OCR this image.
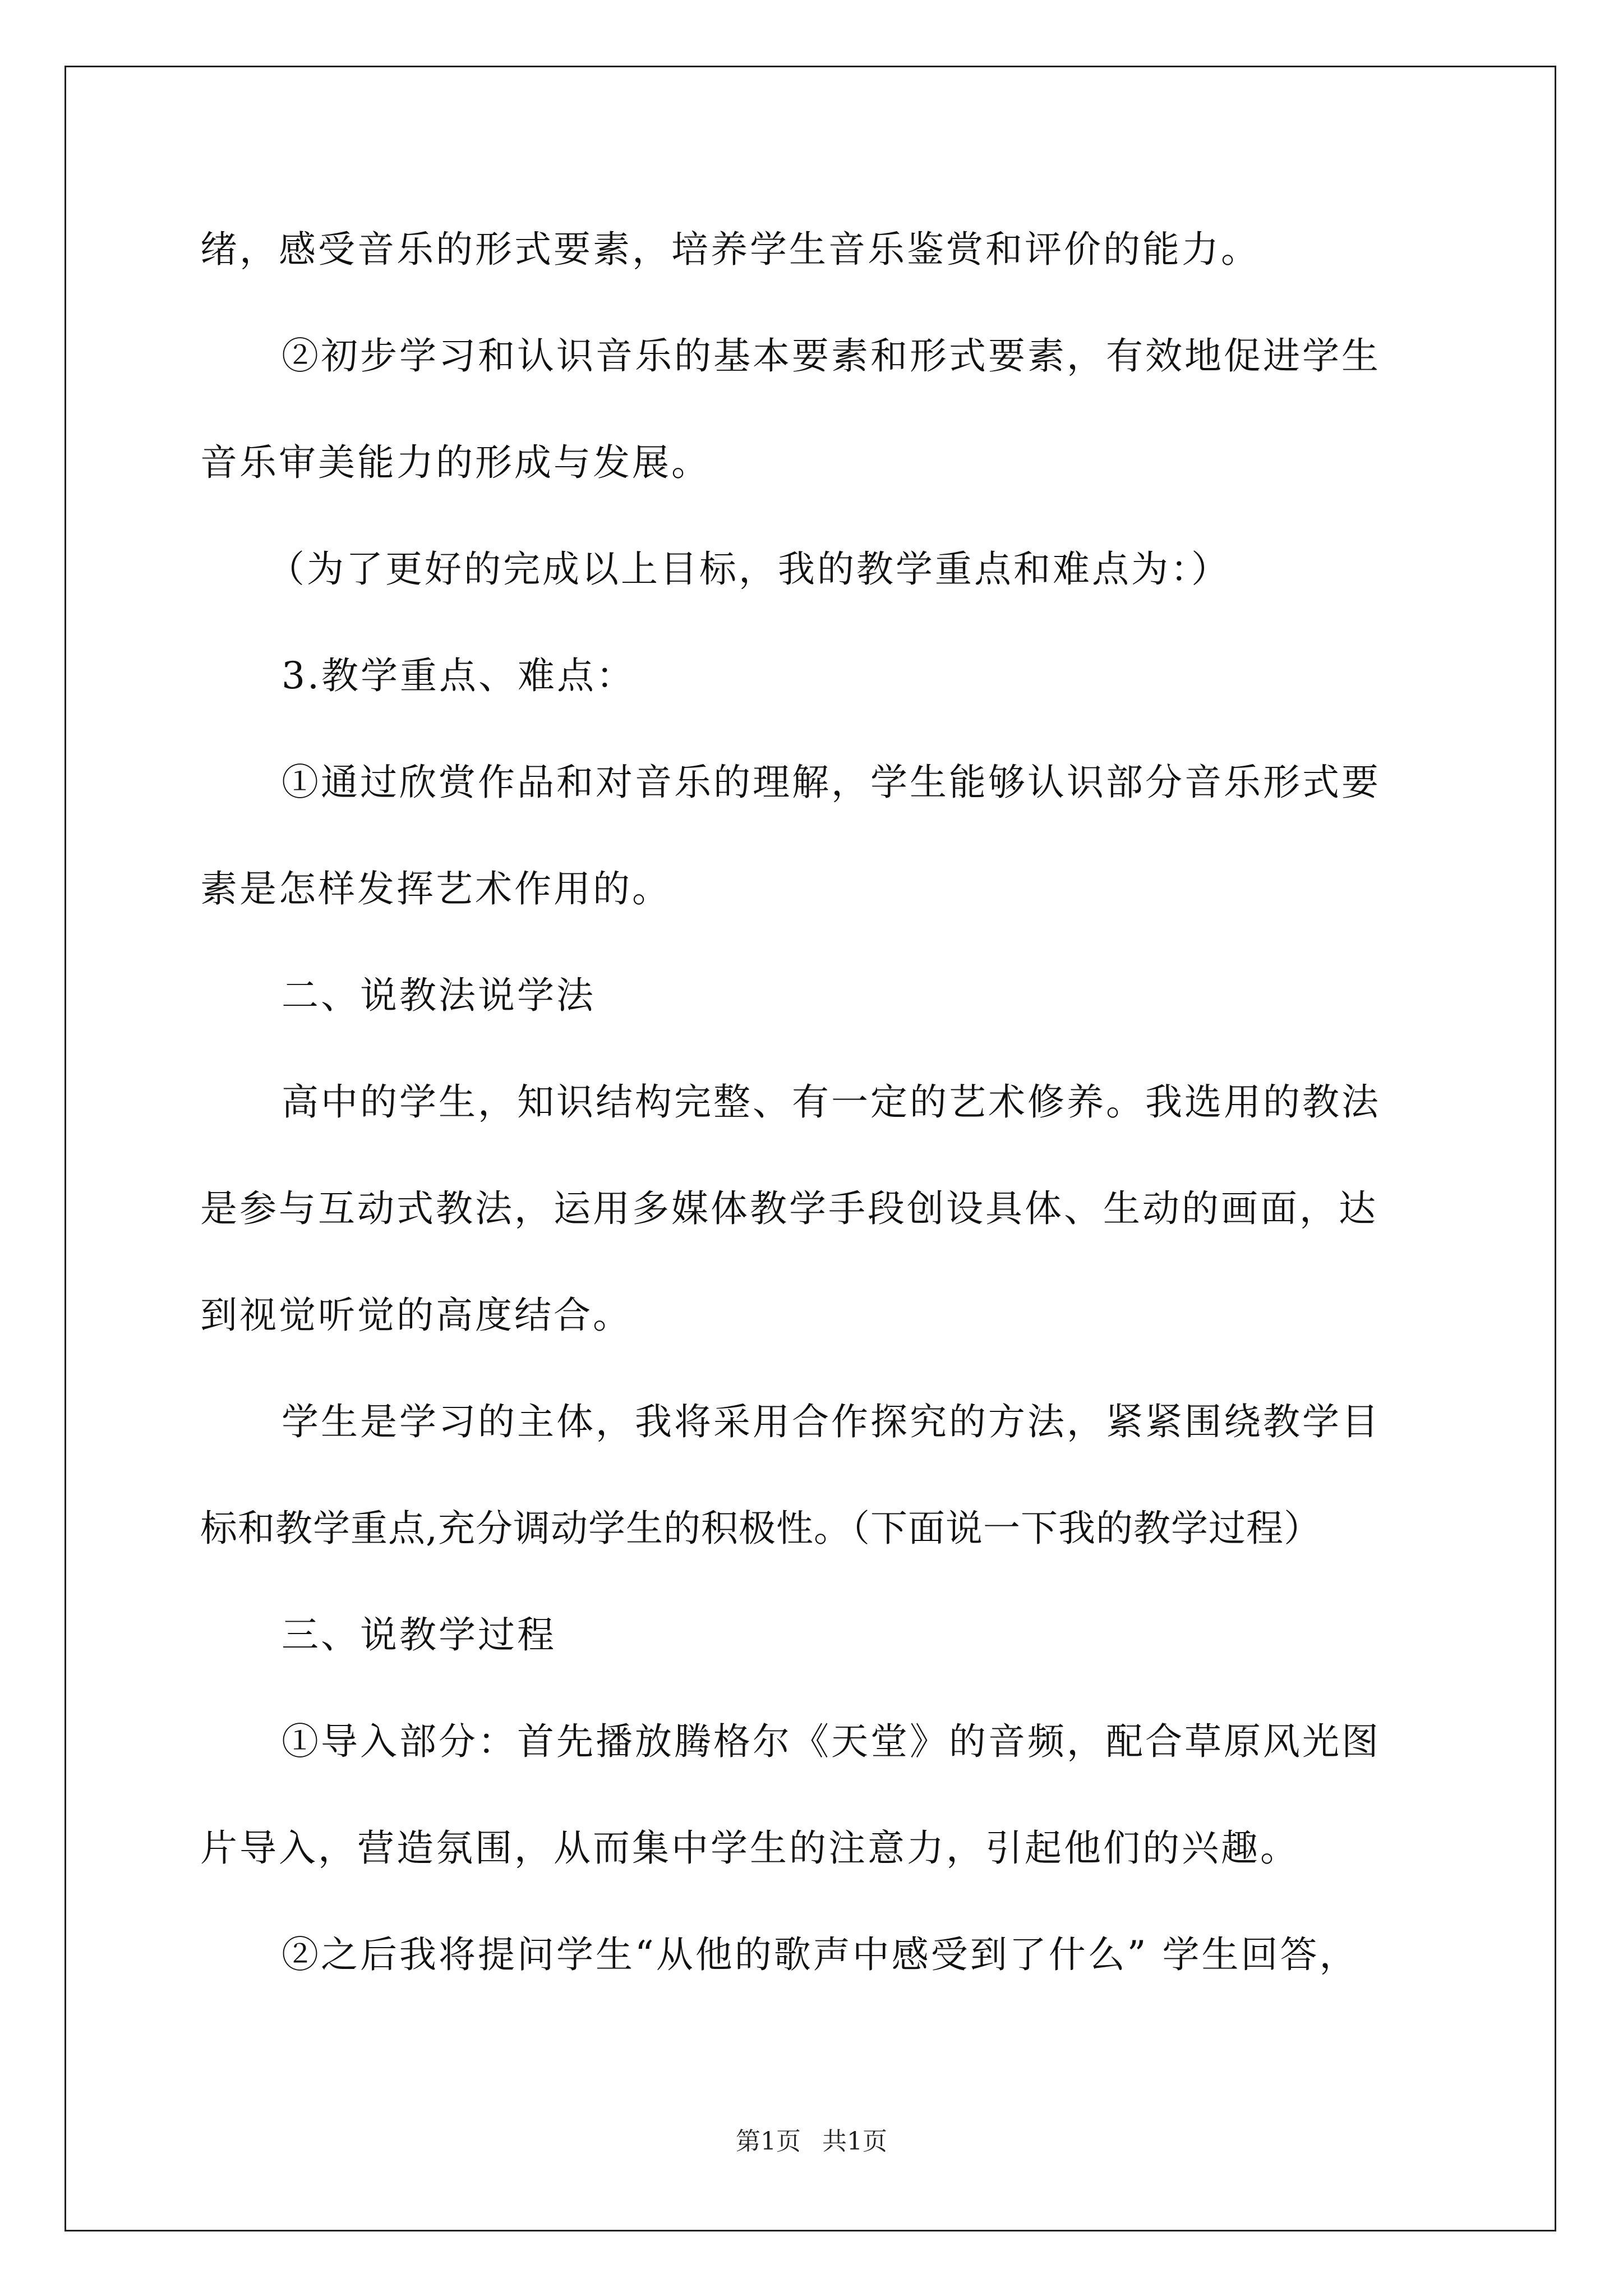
绪，感受音乐的形式要素，培养学生音乐鉴赏和评价的能力。
②初步学习和认识音乐的基本要素和形式要素，有效地促进学生
音乐审美能力的形成与发展。
（为了更好的完成以上目标，我的教学重点和难点为：）
3.教学重点、难点：
①通过欣赏作品和对音乐的理解，学生能够认识部分音乐形式要
素是怎样发挥艺术作用的。
二、说教法说学法
高中的学生，知识结构完整、有一定的艺术修养。我选用的教法
是参与互动式教法，运用多媒体教学手段创设具体、生动的画面，达
到视觉听觉的高度结合。
学生是学习的主体，我将采用合作探究的方法，紧紧围绕教学目
标和教学重点,充分调动学生的积极性。（下面说一下我的教学过程）
三、说教学过程
①导入部分：首先播放腾格尔《天堂》的音频，配合草原风光图
片导入，营造氛围，从而集中学生的注意力，引起他们的兴趣。
②之后我将提问学生“从他的歌声中感受到了什么” 学生回答，
第1页 共1页
